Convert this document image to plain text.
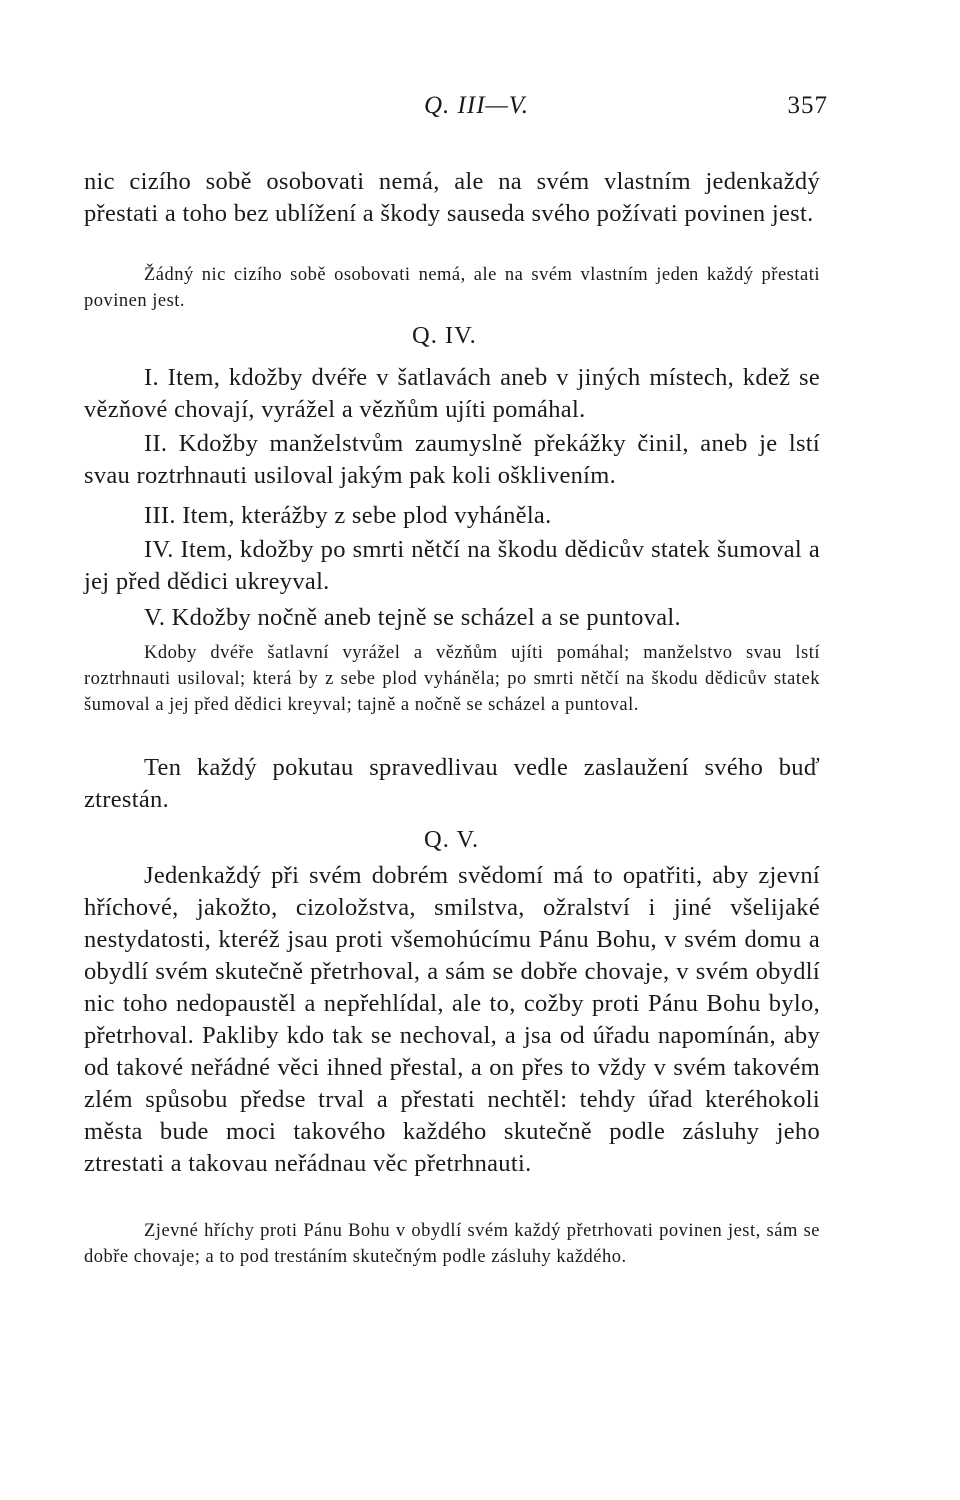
Q. III—V.	357

nic cizího sobě osobovati nemá, ale na svém vlastním jedenkaždý přestati a toho bez ublížení a škody sauseda svého požívati povinen jest.

Žádný nic cizího sobě osobovati nemá, ale na svém vlastním jeden každý přestati povinen jest.

Q. IV.

I. Item, kdožby dvéře v šatlavách aneb v jiných místech, kdež se vězňové chovají, vyrážel a vězňům ujíti pomáhal.

II. Kdožby manželstvům zaumyslně překážky činil, aneb je lstí svau roztrhnauti usiloval jakým pak koli ošklivením.

III. Item, kterážby z sebe plod vyháněla.

IV. Item, kdožby po smrti nětčí na škodu dědicův statek šumoval a jej před dědici ukreyval.

V. Kdožby nočně aneb tejně se scházel a se puntoval.

Kdoby dvéře šatlavní vyrážel a vězňům ujíti pomáhal; manželstvo svau lstí roztrhnauti usiloval; která by z sebe plod vyháněla; po smrti nětčí na škodu dědicův statek šumoval a jej před dědici kreyval; tajně a nočně se scházel a puntoval.

Ten každý pokutau spravedlivau vedle zaslaužení svého buď ztrestán.

Q. V.

Jedenkaždý při svém dobrém svědomí má to opatřiti, aby zjevní hříchové, jakožto, cizoložstva, smilstva, ožralství i jiné všelijaké nestydatosti, kteréž jsau proti všemohúcímu Pánu Bohu, v svém domu a obydlí svém skutečně přetrhoval, a sám se dobře chovaje, v svém obydlí nic toho nedopaustěl a nepřehlídal, ale to, cožby proti Pánu Bohu bylo, přetrhoval. Pakliby kdo tak se nechoval, a jsa od úřadu napomínán, aby od takové neřádné věci ihned přestal, a on přes to vždy v svém takovém zlém spůsobu předse trval a přestati nechtěl: tehdy úřad kteréhokoli města bude moci takového každého skutečně podle zásluhy jeho ztrestati a takovau neřádnau věc přetrhnauti.

Zjevné hříchy proti Pánu Bohu v obydlí svém každý přetrhovati povinen jest, sám se dobře chovaje; a to pod trestáním skutečným podle zásluhy každého.
